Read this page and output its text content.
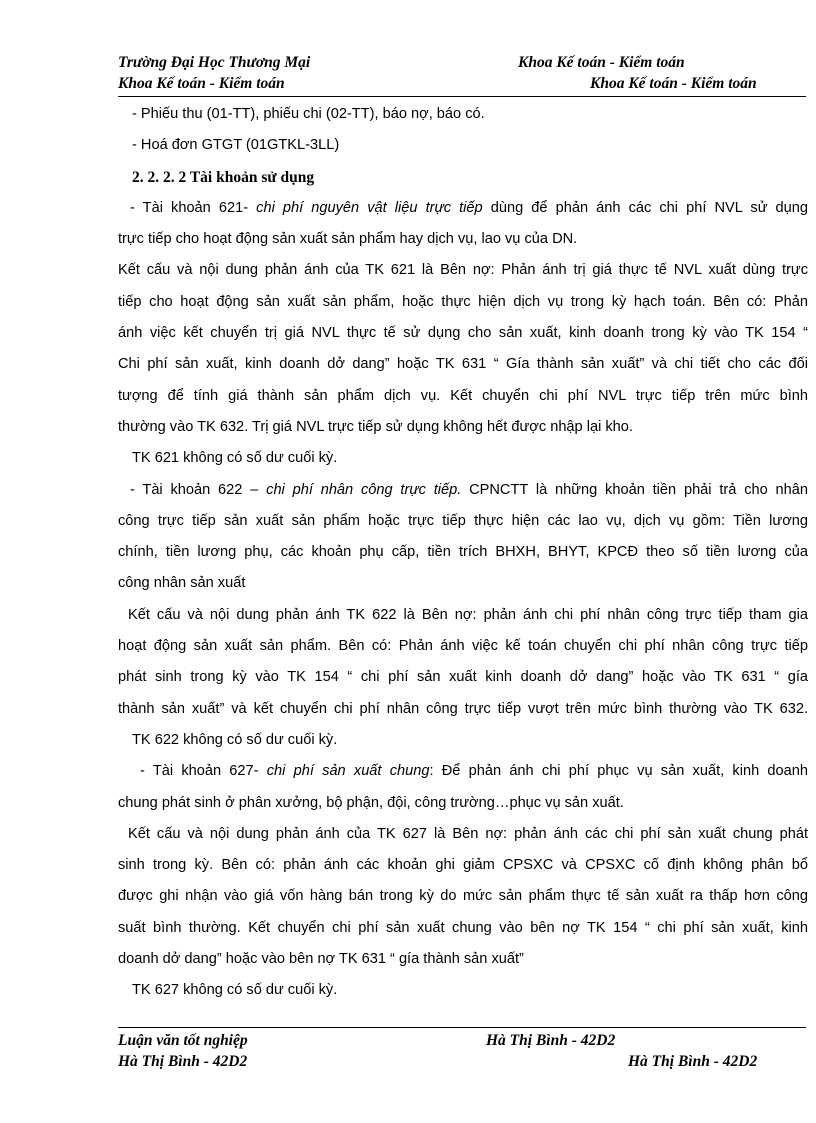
Trường Đại Học Thương Mại	Khoa Kế toán - Kiểm toán
Khoa Kế toán - Kiểm toán	Khoa Kế toán - Kiểm toán
- Phiếu thu (01-TT), phiếu chi (02-TT), báo nợ, báo có.
- Hoá đơn GTGT (01GTKL-3LL)
2. 2. 2. 2 Tài khoản sử dụng
- Tài khoản 621- chi phí nguyên vật liệu trực tiếp dùng để phản ánh các chi phí NVL sử dụng
trực tiếp cho hoạt động sản xuất sản phẩm hay dịch vụ, lao vụ của DN.
Kết cấu và nội dung phản ánh của TK 621 là Bên nợ: Phản ánh trị giá thực tế NVL xuất dùng trực
tiếp cho hoạt động sản xuất sản phẩm, hoặc thực hiện dịch vụ trong kỳ hạch toán. Bên có: Phản
ánh việc kết chuyển trị giá NVL thực tế sử dụng cho sản xuất, kinh doanh trong kỳ vào TK 154 “
Chi phí sản xuất, kinh doanh dở dang” hoặc TK 631 “ Gía thành sản xuất” và chi tiết cho các đối
tượng để tính giá thành sản phẩm dịch vụ. Kết chuyển chi phí NVL trực tiếp trên mức bình
thường vào TK 632. Trị giá NVL trực tiếp sử dụng không hết được nhập lại kho.
TK 621 không có số dư cuối kỳ.
- Tài khoản 622 – chi phí nhân công trực tiếp. CPNCTT là những khoản tiền phải trả cho nhân
công trực tiếp sản xuất sản phẩm hoặc trực tiếp thực hiện các lao vụ, dịch vụ gồm: Tiền lương
chính, tiền lương phụ, các khoản phụ cấp, tiền trích BHXH, BHYT, KPCĐ theo số tiền lương của
công nhân sản xuất
Kết cấu và nội dung phản ánh TK 622 là Bên nợ: phản ánh chi phí nhân công trực tiếp tham gia
hoạt động sản xuất sản phẩm. Bên có: Phản ánh việc kế toán chuyển chi phí nhân công trực tiếp
phát sinh trong kỳ vào TK 154 “ chi phí sản xuất kinh doanh dở dang” hoặc vào TK 631 “ gía
thành sản xuất” và kết chuyển chi phí nhân công trực tiếp vượt trên mức bình thường vào TK 632.
TK 622 không có số dư cuối kỳ.
- Tài khoản 627- chi phí sản xuất chung: Để phản ánh chi phí phục vụ sản xuất, kinh doanh
chung phát sinh ở phân xưởng, bộ phận, đội, công trường…phục vụ sản xuất.
Kết cấu và nội dung phản ánh của TK 627 là Bên nợ: phản ánh các chi phí sản xuất chung phát
sinh trong kỳ. Bên có: phản ánh các khoản ghi giảm CPSXC và CPSXC cố định không phân bổ
được ghi nhận vào giá vốn hàng bán trong kỳ do mức sản phẩm thực tế sản xuất ra thấp hơn công
suất bình thường. Kết chuyển chi phí sản xuất chung vào bên nợ TK 154 “ chi phí sản xuất, kinh
doanh dở dang” hoặc vào bên nợ TK 631 “ gía thành sản xuất”
TK 627 không có số dư cuối kỳ.
Luận văn tốt nghiệp	Hà Thị Bình - 42D2
Hà Thị Bình - 42D2	Hà Thị Bình - 42D2
